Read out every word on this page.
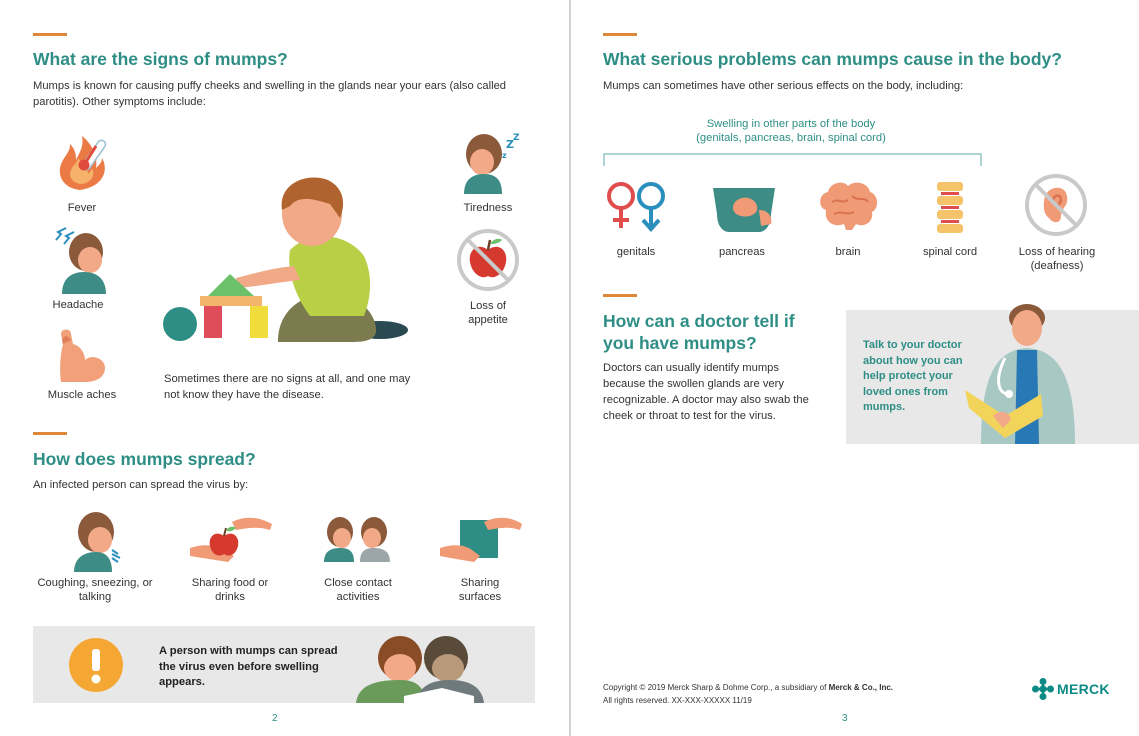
What are the signs of mumps?
Mumps is known for causing puffy cheeks and swelling in the glands near your ears (also called parotitis). Other symptoms include:
Fever
Headache
Muscle aches
Sometimes there are no signs at all, and one may not know they have the disease.
Z Z
z
Tiredness
Loss of appetite
How does mumps spread?
An infected person can spread the virus by:
Coughing, sneezing, or talking
Sharing food or drinks
Close contact activities
Sharing surfaces
A person with mumps can spread the virus even before swelling appears.
2
What serious problems can mumps cause in the body?
Mumps can sometimes have other serious effects on the body, including:
Swelling in other parts of the body
(genitals, pancreas, brain, spinal cord)
genitals	pancreas	brain	spinal cord	Loss of hearing (deafness)
How can a doctor tell if you have mumps?
Doctors can usually identify mumps because the swollen glands are very recognizable. A doctor may also swab the cheek or throat to test for the virus.
Talk to your doctor about how you can help protect your loved ones from mumps.
Copyright © 2019 Merck Sharp & Dohme Corp., a subsidiary of Merck & Co., Inc.
All rights reserved. XX-XXX-XXXXX 11/19
MERCK
3
